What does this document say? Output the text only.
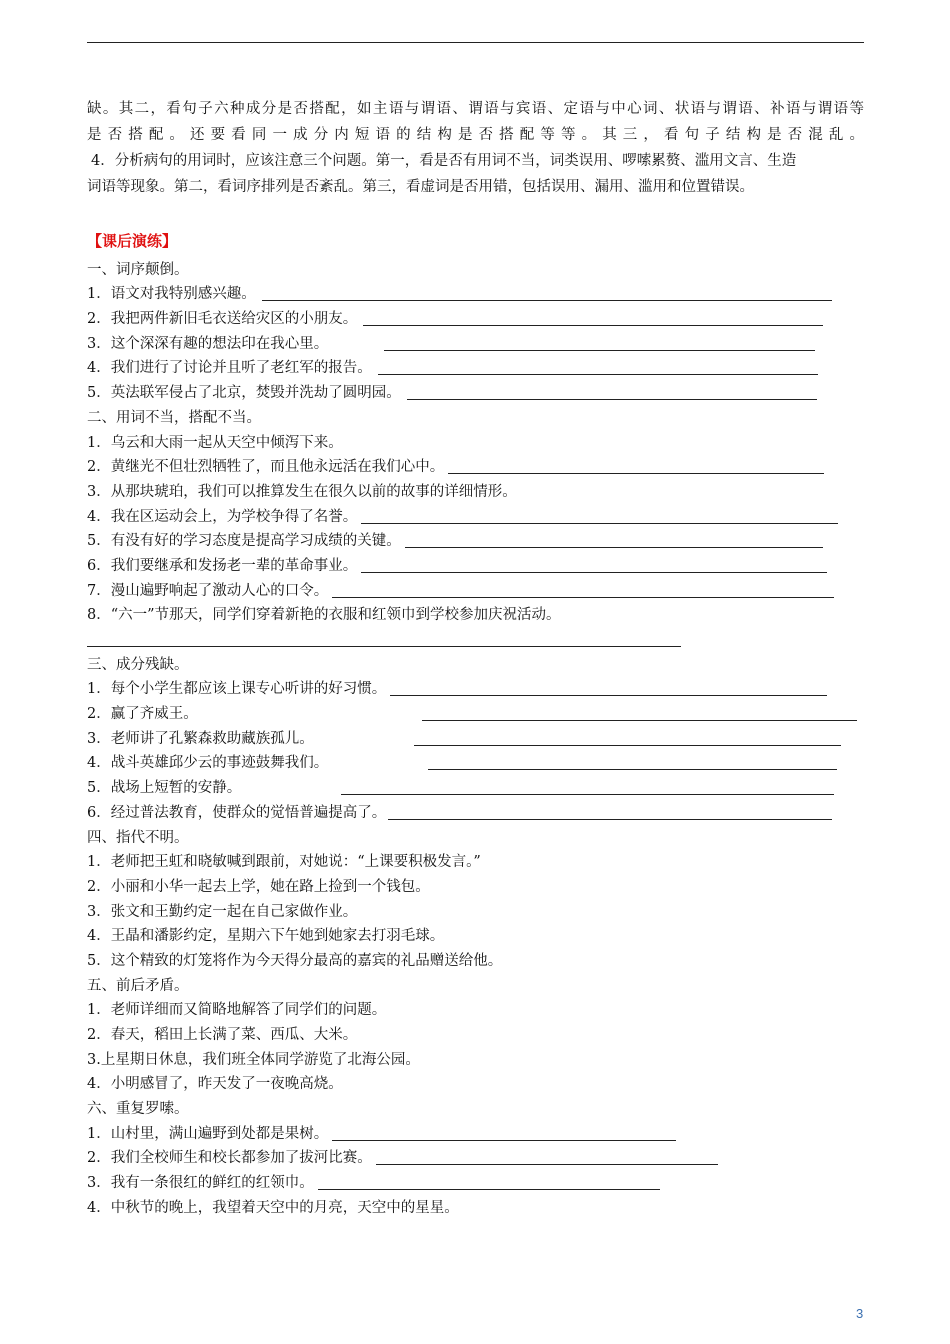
缺。其二，看句子六种成分是否搭配，如主语与谓语、谓语与宾语、定语与中心词、状语与谓语、补语与谓语等

是否搭配。还要看同一成分内短语的结构是否搭配等等。其三，看句子结构是否混乱。

4．分析病句的用词时，应该注意三个问题。第一，看是否有用词不当，词类误用、啰嗦累赘、滥用文言、生造

词语等现象。第二，看词序排列是否紊乱。第三，看虚词是否用错，包括误用、漏用、滥用和位置错误。

【课后演练】
一、词序颠倒。
1．语文对我特别感兴趣。
2．我把两件新旧毛衣送给灾区的小朋友。
3．这个深深有趣的想法印在我心里。
4．我们进行了讨论并且听了老红军的报告。
5．英法联军侵占了北京，焚毁并洗劫了圆明园。
二、用词不当，搭配不当。
1．乌云和大雨一起从天空中倾泻下来。
2．黄继光不但壮烈牺牲了，而且他永远活在我们心中。
3．从那块琥珀，我们可以推算发生在很久以前的故事的详细情形。
4．我在区运动会上，为学校争得了名誉。
5．有没有好的学习态度是提高学习成绩的关键。
6．我们要继承和发扬老一辈的革命事业。
7．漫山遍野响起了激动人心的口令。
8．“六一”节那天，同学们穿着新艳的衣服和红领巾到学校参加庆祝活动。
三、成分残缺。
1．每个小学生都应该上课专心听讲的好习惯。
2．赢了齐威王。
3．老师讲了孔繁森救助藏族孤儿。
4．战斗英雄邱少云的事迹鼓舞我们。
5．战场上短暂的安静。
6．经过普法教育，使群众的觉悟普遍提高了。
四、指代不明。
1．老师把王虹和晓敏喊到跟前，对她说：“上课要积极发言。”
2．小丽和小华一起去上学，她在路上捡到一个钱包。
3．张文和王勤约定一起在自己家做作业。
4．王晶和潘影约定，星期六下午她到她家去打羽毛球。
5．这个精致的灯笼将作为今天得分最高的嘉宾的礼品赠送给他。
五、前后矛盾。
1．老师详细而又简略地解答了同学们的问题。
2．春天，稻田上长满了菜、西瓜、大米。
3.上星期日休息，我们班全体同学游览了北海公园。
4．小明感冒了，昨天发了一夜晚高烧。
六、重复罗嗦。
1．山村里，满山遍野到处都是果树。
2．我们全校师生和校长都参加了拔河比赛。
3．我有一条很红的鲜红的红领巾。
4．中秋节的晚上，我望着天空中的月亮，天空中的星星。
3
